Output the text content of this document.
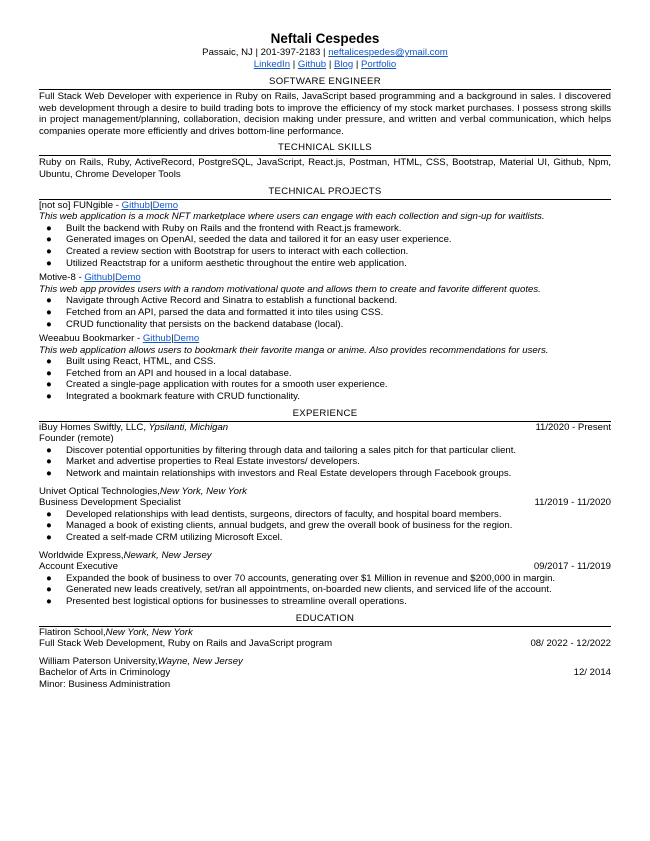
Neftali Cespedes
Passaic, NJ | 201-397-2183 | neftalicespedes@ymail.com
LinkedIn | Github | Blog | Portfolio
SOFTWARE ENGINEER
Full Stack Web Developer with experience in Ruby on Rails, JavaScript based programming and a background in sales. I discovered web development through a desire to build trading bots to improve the efficiency of my stock market purchases. I possess strong skills in project management/planning, collaboration, decision making under pressure, and written and verbal communication, which helps companies operate more efficiently and drives bottom-line performance.
TECHNICAL SKILLS
Ruby on Rails, Ruby, ActiveRecord, PostgreSQL, JavaScript, React.js, Postman, HTML, CSS, Bootstrap, Material UI, Github, Npm, Ubuntu, Chrome Developer Tools
TECHNICAL PROJECTS
[not so] FUNgible -
Github | Demo
This web application is a mock NFT marketplace where users can engage with each collection and sign-up for waitlists.
● Built the backend with Ruby on Rails and the frontend with React.js framework.
● Generated images on OpenAI, seeded the data and tailored it for an easy user experience.
● Created a review section with Bootstrap for users to interact with each collection.
● Utilized Reactstrap for a uniform aesthetic throughout the entire web application.
Motive-8 -
Github | Demo
This web app provides users with a random motivational quote and allows them to create and favorite different quotes.
● Navigate through Active Record and Sinatra to establish a functional backend.
● Fetched from an API, parsed the data and formatted it into tiles using CSS.
● CRUD functionality that persists on the backend database (local).
Weeabuu Bookmarker -
Github | Demo
This web application allows users to bookmark their favorite manga or anime. Also provides recommendations for users.
● Built using React, HTML, and CSS.
● Fetched from an API and housed in a local database.
● Created a single-page application with routes for a smooth user experience.
● Integrated a bookmark feature with CRUD functionality.
EXPERIENCE
iBuy Homes Swiftly, LLC, Ypsilanti, Michigan	11/2020 - Present
Founder (remote)
● Discover potential opportunities by filtering through data and tailoring a sales pitch for that particular client.
● Market and advertise properties to Real Estate investors/ developers.
● Network and maintain relationships with investors and Real Estate developers through Facebook groups.
Univet Optical Technologies, New York, New York
Business Development Specialist	11/2019 - 11/2020
● Developed relationships with lead dentists, surgeons, directors of faculty, and hospital board members.
● Managed a book of existing clients, annual budgets, and grew the overall book of business for the region.
● Created a self-made CRM utilizing Microsoft Excel.
Worldwide Express, Newark, New Jersey
Account Executive	09/2017 - 11/2019
● Expanded the book of business to over 70 accounts, generating over $1 Million in revenue and $200,000 in margin.
● Generated new leads creatively, set/ran all appointments, on-boarded new clients, and serviced life of the account.
● Presented best logistical options for businesses to streamline overall operations.
EDUCATION
Flatiron School, New York, New York
Full Stack Web Development, Ruby on Rails and JavaScript program	08/ 2022 - 12/2022
William Paterson University, Wayne, New Jersey
Bachelor of Arts in Criminology	12/ 2014
Minor: Business Administration
